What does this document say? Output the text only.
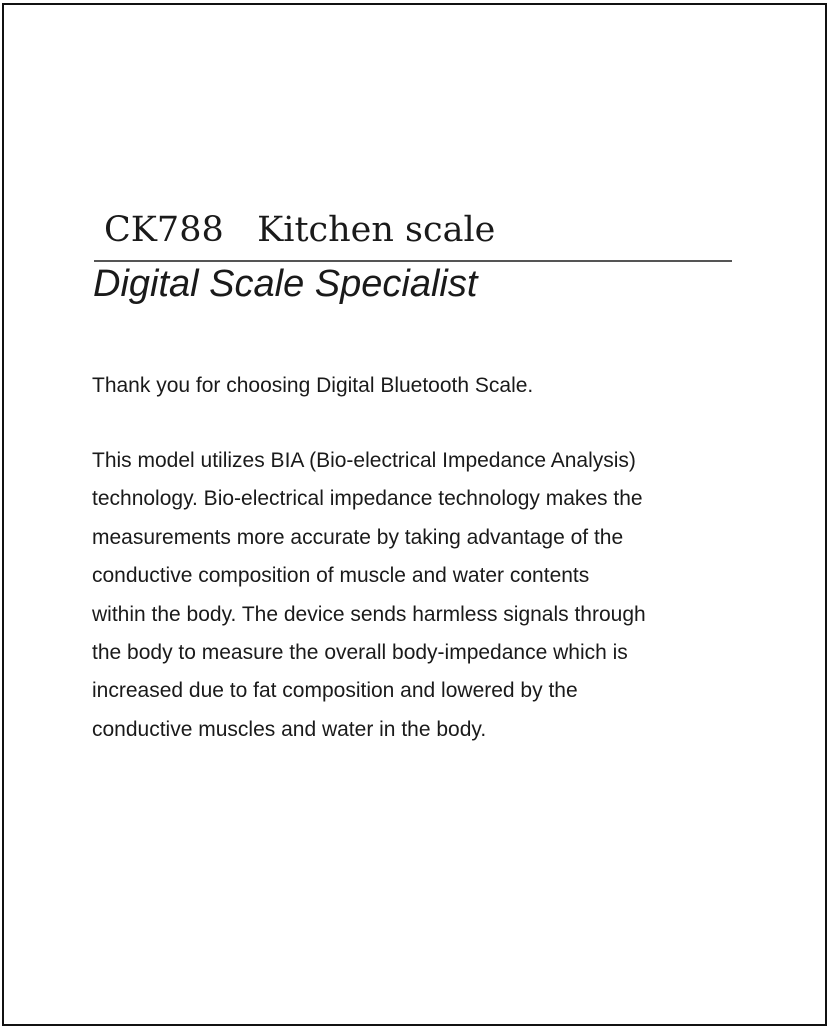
CK788   Kitchen scale
Digital Scale Specialist
Thank you for choosing Digital Bluetooth Scale.
This model utilizes BIA (Bio-electrical Impedance Analysis)
technology. Bio-electrical impedance technology makes the
measurements more accurate by taking advantage of the
conductive composition of muscle and water contents
within the body. The device sends harmless signals through
the body to measure the overall body-impedance which is
increased due to fat composition and lowered by the
conductive muscles and water in the body.
